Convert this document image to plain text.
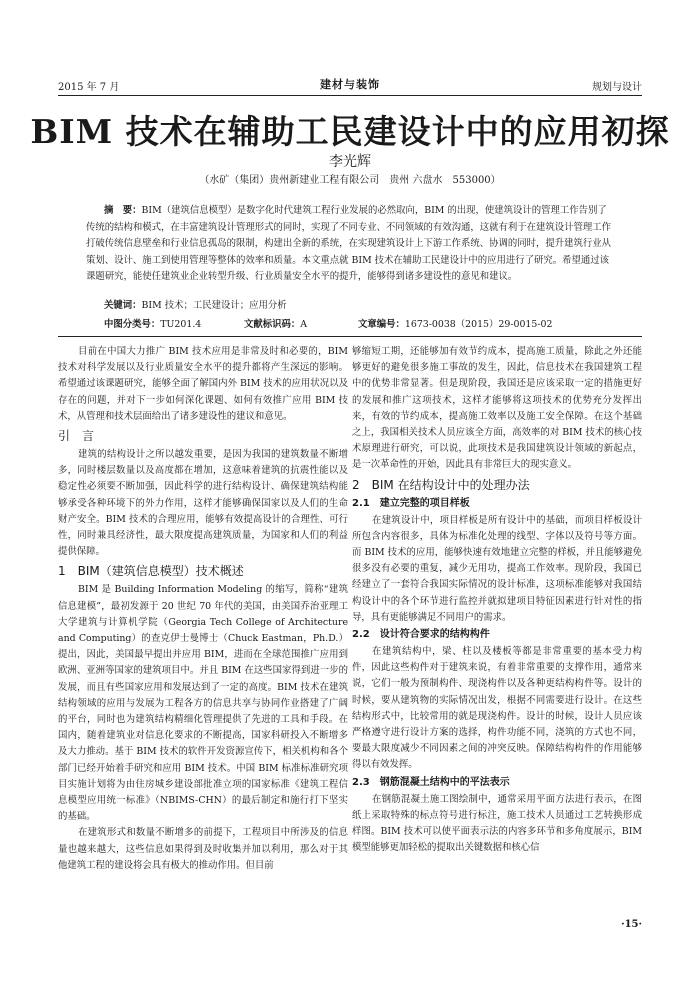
2015 年 7 月	建材与装饰	规划与设计
BIM 技术在辅助工民建设计中的应用初探
李光辉
（水矿（集团）贵州新建业工程有限公司　贵州 六盘水　553000）
摘　要：BIM（建筑信息模型）是数字化时代建筑工程行业发展的必然取向，BIM 的出现，使建筑设计的管理工作告别了传统的结构和模式，在丰富建筑设计管理形式的同时，实现了不同专业、不同领域的有效沟通，这就有利于在建筑设计管理工作打破传统信息壁垒和行业信息孤岛的限制，构建出全新的系统，在实现建筑设计上下游工作系统、协调的同时，提升建筑行业从策划、设计、施工到使用管理等整体的效率和质量。本文重点就 BIM 技术在辅助工民建设计中的应用进行了研究。希望通过该课题研究，能使任建筑业企业转型升级、行业质量安全水平的提升，能够得到诸多建设性的意见和建议。
关键词：BIM 技术；工民建设计；应用分析
中图分类号：TU201.4	文献标识码：A	文章编号：1673-0038（2015）29-0015-02

目前在中国大力推广 BIM 技术应用是非常及时和必要的，BIM 技术对科学发展以及行业质量安全水平的提升都将产生深远的影响。希望通过该课题研究，能够全面了解国内外 BIM 技术的应用状况以及存在的问题，并对下一步如何深化课题、如何有效推广应用 BIM 技术，从管理和技术层面给出了诸多建设性的建议和意见。

引　言

建筑的结构设计之所以越发重要，是因为我国的建筑数量不断增多，同时楼层数量以及高度都在增加，这意味着建筑的抗震性能以及稳定性必须要不断加强，因此科学的进行结构设计、确保建筑结构能够承受各种环境下的外力作用，这样才能够确保国家以及人们的生命财产安全。BIM 技术的合理应用，能够有效提高设计的合理性、可行性，同时兼具经济性，最大限度提高建筑质量，为国家和人们的利益提供保障。

1　BIM（建筑信息模型）技术概述

BIM 是 Building Information Modeling 的缩写，简称“建筑信息建模”，最初发源于 20 世纪 70 年代的美国，由美国乔治亚理工大学建筑与计算机学院（Georgia Tech College of Architecture and Computing）的查克伊士曼博士（Chuck Eastman，Ph.D.）提出，因此，美国最早提出并应用 BIM，进而在全球范围推广应用到欧洲、亚洲等国家的建筑项目中。并且 BIM 在这些国家得到进一步的发展，而且有些国家应用和发展达到了一定的高度。BIM 技术在建筑结构领域的应用与发展为工程各方的信息共享与协同作业搭建了广阔的平台，同时也为建筑结构精细化管理提供了先进的工具和手段。在国内，随着建筑业对信息化要求的不断提高，国家科研投入不断增多及大力推动。基于 BIM 技术的软件开发资源宣传下，相关机构和各个部门已经开始着手研究和应用 BIM 技术。中国 BIM 标准标准研究项目实施计划将为由住房城乡建设部批准立项的国家标准《建筑工程信息模型应用统一标准》（NBIMS-CHN）的最后制定和施行打下坚实的基础。

在建筑形式和数量不断增多的前提下，工程项目中所涉及的信息量也越来越大，这些信息如果得到及时收集并加以利用，那么对于其他建筑工程的建设将会具有极大的推动作用。但目前

够缩短工期，还能够加有效节约成本，提高施工质量，除此之外还能够更好的避免很多施工事故的发生，因此，信息技术在我国建筑工程中的优势非常显著。但是现阶段，我国还是应该采取一定的措施更好的发展和推广这项技术，这样才能够将这项技术的优势充分发挥出来，有效的节约成本，提高施工效率以及施工安全保障。在这个基础之上，我国相关技术人员应该全方面，高效率的对 BIM 技术的核心技术原理进行研究，可以说，此项技术是我国建筑设计领域的新起点，是一次革命性的开始，因此具有非常巨大的现实意义。

2　BIM 在结构设计中的处理办法
2.1　建立完整的项目样板

在建筑设计中，项目样板是所有设计中的基础，而项目样板设计所包含内容很多，具体为标准化处理的线型、字体以及符号等方面。而 BIM 技术的应用，能够快速有效地建立完整的样板，并且能够避免很多没有必要的重复，减少无用功，提高工作效率。现阶段，我国已经建立了一套符合我国实际情况的设计标准，这项标准能够对我国结构设计中的各个环节进行监控并就拟建项目特征因素进行针对性的指导，具有更能够满足不同用户的需求。

2.2　设计符合要求的结构构件

在建筑结构中，梁、柱以及楼板等都是非常重要的基本受力构件，因此这些构件对于建筑来说，有着非常重要的支撑作用，通常来说，它们一般为预制构件、现浇构件以及各种更结构构件等。设计的时候，要从建筑物的实际情况出发，根据不同需要进行设计。在这些结构形式中，比较常用的就是现浇构件。设计的时候，设计人员应该严格遵守进行设计方案的选择，构件功能不同，浇筑的方式也不同，要最大限度减少不同因素之间的冲突反映。保障结构构件的作用能够得以有效发挥。

2.3　钢筋混凝土结构中的平法表示

在钢筋混凝土施工图绘制中，通常采用平面方法进行表示，在图纸上采取特殊的标点符号进行标注，施工技术人员通过工艺转换形成样图。BIM 技术可以使平面表示法的内容多环节和多角度展示，BIM 模型能够更加轻松的提取出关键数据和核心信

·15·
